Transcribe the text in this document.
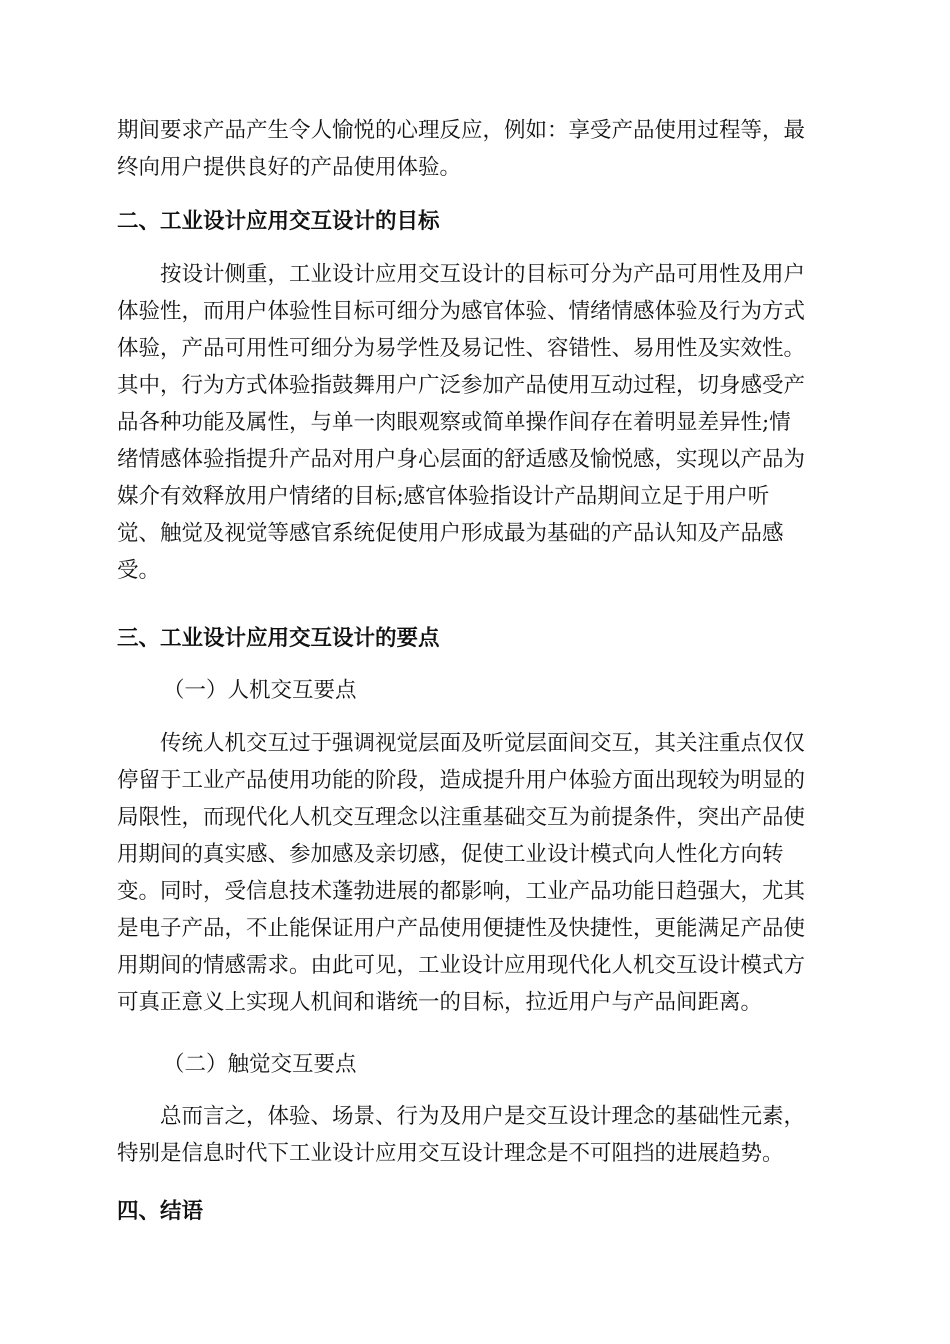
期间要求产品产生令人愉悦的心理反应，例如：享受产品使用过程等，最
终向用户提供良好的产品使用体验。
二、工业设计应用交互设计的目标
按设计侧重，工业设计应用交互设计的目标可分为产品可用性及用户
体验性，而用户体验性目标可细分为感官体验、情绪情感体验及行为方式
体验，产品可用性可细分为易学性及易记性、容错性、易用性及实效性。
其中，行为方式体验指鼓舞用户广泛参加产品使用互动过程，切身感受产
品各种功能及属性，与单一肉眼观察或简单操作间存在着明显差异性;情
绪情感体验指提升产品对用户身心层面的舒适感及愉悦感，实现以产品为
媒介有效释放用户情绪的目标;感官体验指设计产品期间立足于用户听
觉、触觉及视觉等感官系统促使用户形成最为基础的产品认知及产品感
受。
三、工业设计应用交互设计的要点
（一）人机交互要点
传统人机交互过于强调视觉层面及听觉层面间交互，其关注重点仅仅
停留于工业产品使用功能的阶段，造成提升用户体验方面出现较为明显的
局限性，而现代化人机交互理念以注重基础交互为前提条件，突出产品使
用期间的真实感、参加感及亲切感，促使工业设计模式向人性化方向转
变。同时，受信息技术蓬勃进展的都影响，工业产品功能日趋强大，尤其
是电子产品，不止能保证用户产品使用便捷性及快捷性，更能满足产品使
用期间的情感需求。由此可见，工业设计应用现代化人机交互设计模式方
可真正意义上实现人机间和谐统一的目标，拉近用户与产品间距离。
（二）触觉交互要点
总而言之，体验、场景、行为及用户是交互设计理念的基础性元素，
特别是信息时代下工业设计应用交互设计理念是不可阻挡的进展趋势。
四、结语
